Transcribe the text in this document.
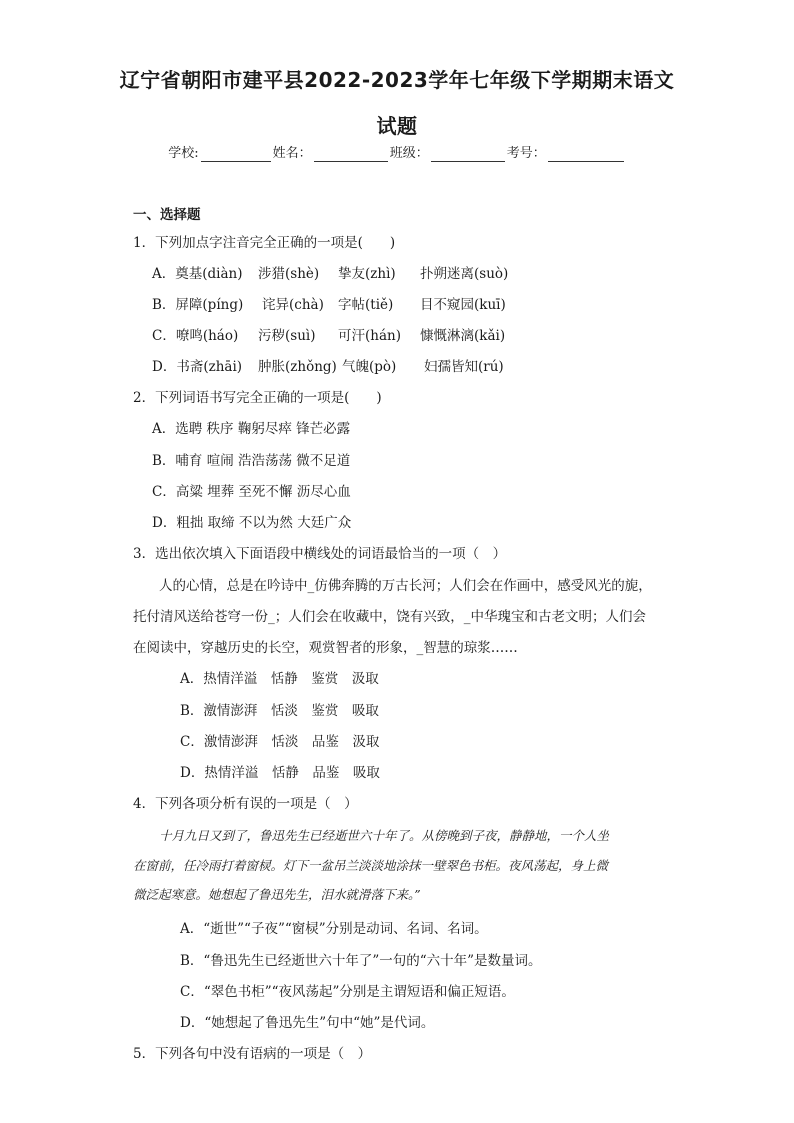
辽宁省朝阳市建平县2022-2023学年七年级下学期期末语文
试题
学校:	姓名：	班级：	考号：
一、选择题
1．下列加点字注音完全正确的一项是(　　)
A．奠基(diàn) 涉猎(shè) 挚友(zhì) 扑朔迷离(suò)
B．屏障(píng) 诧异(chà) 字帖(tiě) 目不窥园(kuī)
C．嘹鸣(háo) 污秽(suì) 可汗(hán) 慷慨淋漓(kǎi)
D．书斋(zhāi) 肿胀(zhǒng) 气魄(pò) 妇孺皆知(rú)
2．下列词语书写完全正确的一项是(　　)
A．选聘 秩序 鞠躬尽瘁 锋芒必露
B．哺育 喧闹 浩浩荡荡 微不足道
C．高粱 埋葬 至死不懈 沥尽心血
D．粗拙 取缔 不以为然 大廷广众
3．选出依次填入下面语段中横线处的词语最恰当的一项（　）
人的心情，总是在吟诗中_仿佛奔腾的万古长河；人们会在作画中，感受风光的旎，
托付清风送给苍穹一份_；人们会在收藏中，饶有兴致，_中华瑰宝和古老文明；人们会
在阅读中，穿越历史的长空，观赏智者的形象，_智慧的琼浆……
A．热情洋溢　恬静　鉴赏　汲取
B．激情澎湃　恬淡　鉴赏　吸取
C．激情澎湃　恬淡　品鉴　汲取
D．热情洋溢　恬静　品鉴　吸取
4．下列各项分析有误的一项是（　）
十月九日又到了，鲁迅先生已经逝世六十年了。从傍晚到子夜，静静地，一个人坐
在窗前，任冷雨打着窗棂。灯下一盆吊兰淡淡地涂抹一壁翠色书柜。夜风荡起，身上微
微泛起寒意。她想起了鲁迅先生，泪水就滑落下来。”
A．“逝世”“子夜”“窗棂”分别是动词、名词、名词。
B．“鲁迅先生已经逝世六十年了”一句的“六十年”是数量词。
C．“翠色书柜”“夜风荡起”分别是主谓短语和偏正短语。
D．“她想起了鲁迅先生”句中“她”是代词。
5．下列各句中没有语病的一项是（　）
